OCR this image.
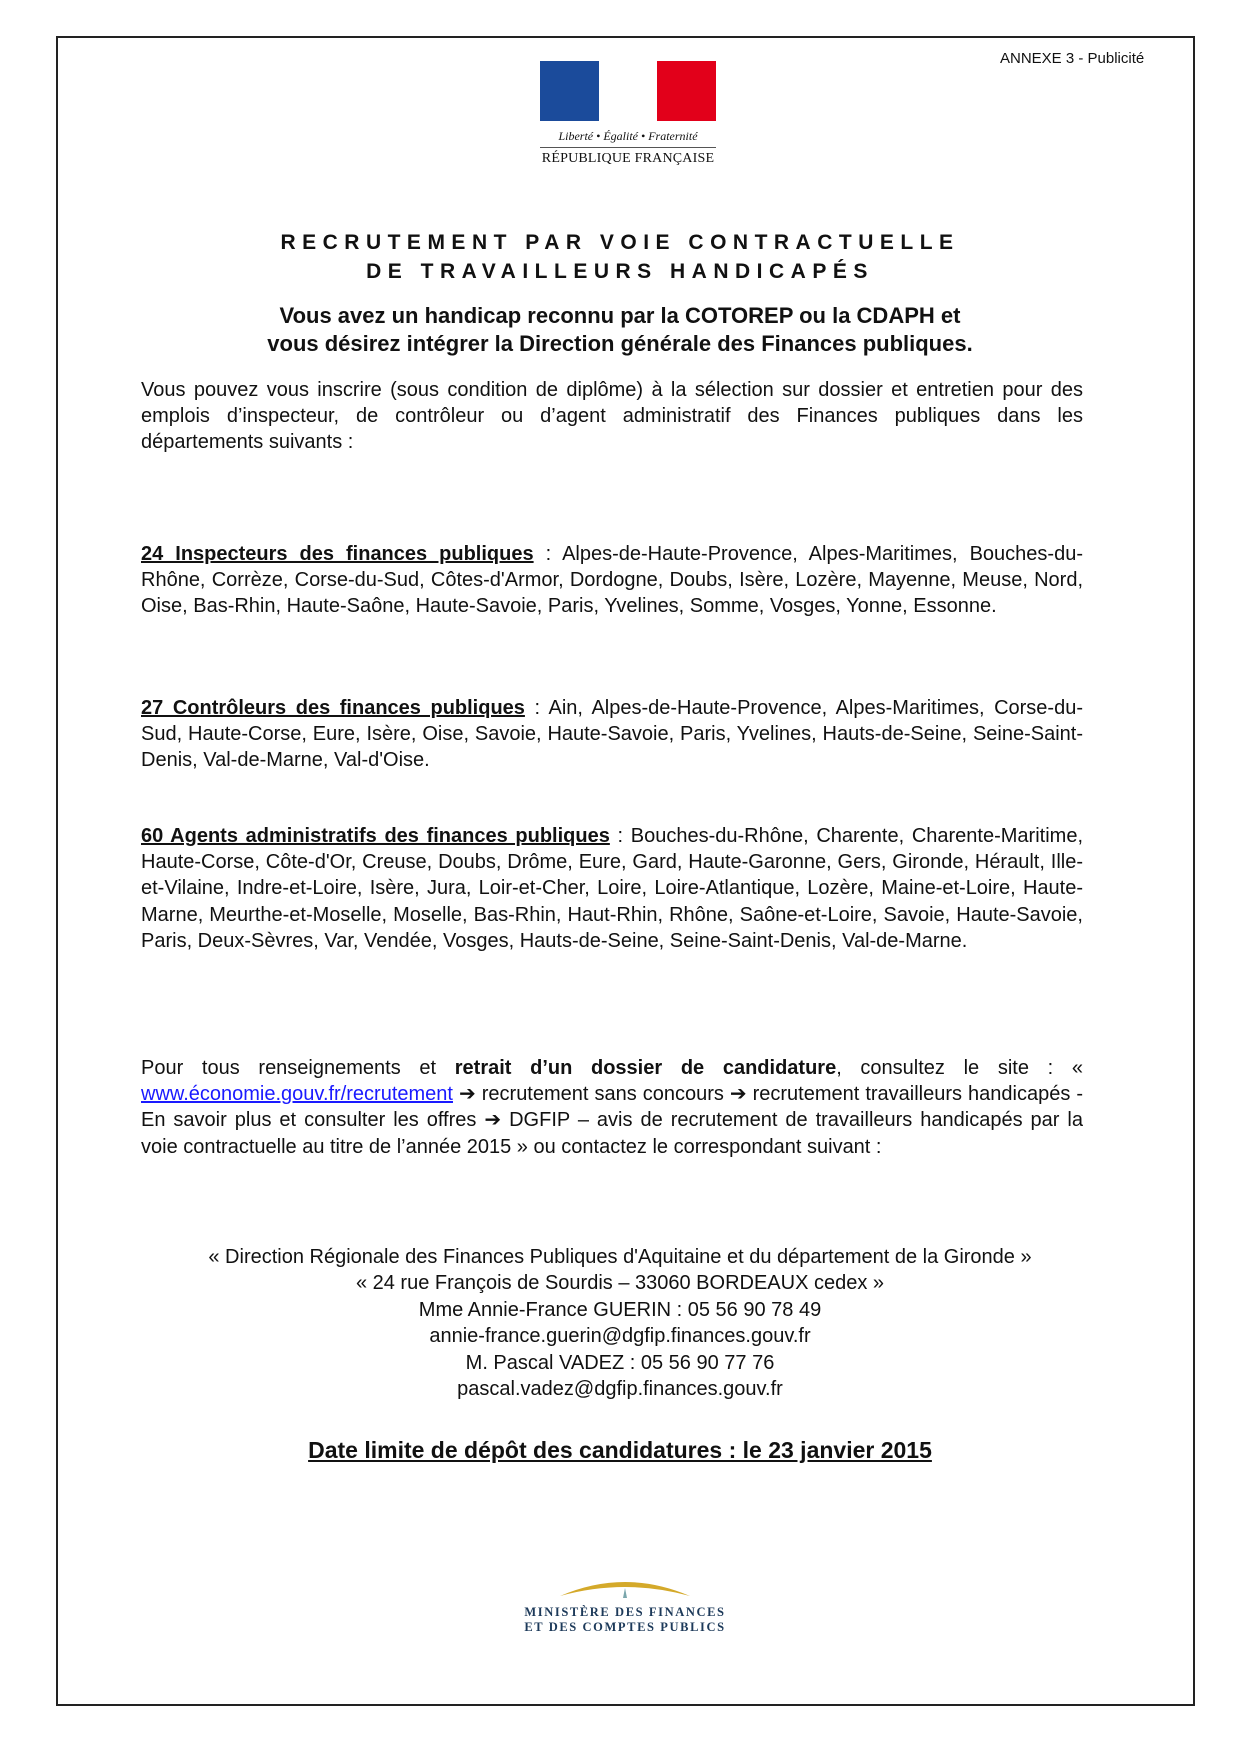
ANNEXE 3 - Publicité
Liberté • Égalité • Fraternité
RÉPUBLIQUE FRANÇAISE
RECRUTEMENT PAR VOIE CONTRACTUELLE
DE TRAVAILLEURS HANDICAPÉS
Vous avez un handicap reconnu par la COTOREP ou la CDAPH et
vous désirez intégrer la Direction générale des Finances publiques.
Vous pouvez vous inscrire (sous condition de diplôme) à la sélection sur dossier et entretien pour des emplois d’inspecteur, de contrôleur ou d’agent administratif des Finances publiques dans les départements suivants :
24 Inspecteurs des finances publiques : Alpes-de-Haute-Provence, Alpes-Maritimes, Bouches-du-Rhône, Corrèze, Corse-du-Sud, Côtes-d'Armor, Dordogne, Doubs, Isère, Lozère, Mayenne, Meuse, Nord, Oise, Bas-Rhin, Haute-Saône, Haute-Savoie, Paris, Yvelines, Somme, Vosges, Yonne, Essonne.
27 Contrôleurs des finances publiques : Ain, Alpes-de-Haute-Provence, Alpes-Maritimes, Corse-du-Sud, Haute-Corse, Eure, Isère, Oise, Savoie, Haute-Savoie, Paris, Yvelines, Hauts-de-Seine, Seine-Saint-Denis, Val-de-Marne, Val-d'Oise.
60 Agents administratifs des finances publiques : Bouches-du-Rhône, Charente, Charente-Maritime, Haute-Corse, Côte-d'Or, Creuse, Doubs, Drôme, Eure, Gard, Haute-Garonne, Gers, Gironde, Hérault, Ille-et-Vilaine, Indre-et-Loire, Isère, Jura, Loir-et-Cher, Loire, Loire-Atlantique, Lozère, Maine-et-Loire, Haute-Marne, Meurthe-et-Moselle, Moselle, Bas-Rhin, Haut-Rhin, Rhône, Saône-et-Loire, Savoie, Haute-Savoie, Paris, Deux-Sèvres, Var, Vendée, Vosges, Hauts-de-Seine, Seine-Saint-Denis, Val-de-Marne.
Pour tous renseignements et retrait d’un dossier de candidature, consultez le site : « www.économie.gouv.fr/recrutement ➔ recrutement sans concours ➔ recrutement travailleurs handicapés - En savoir plus et consulter les offres ➔ DGFIP – avis de recrutement de travailleurs handicapés par la voie contractuelle au titre de l’année 2015 » ou contactez le correspondant suivant :
« Direction Régionale des Finances Publiques d'Aquitaine et du département de la Gironde »
« 24 rue François de Sourdis – 33060 BORDEAUX cedex »
Mme Annie-France GUERIN : 05 56 90 78 49
annie-france.guerin@dgfip.finances.gouv.fr
M. Pascal VADEZ : 05 56 90 77 76
pascal.vadez@dgfip.finances.gouv.fr
Date limite de dépôt des candidatures : le 23 janvier 2015
MINISTÈRE DES FINANCES
ET DES COMPTES PUBLICS
